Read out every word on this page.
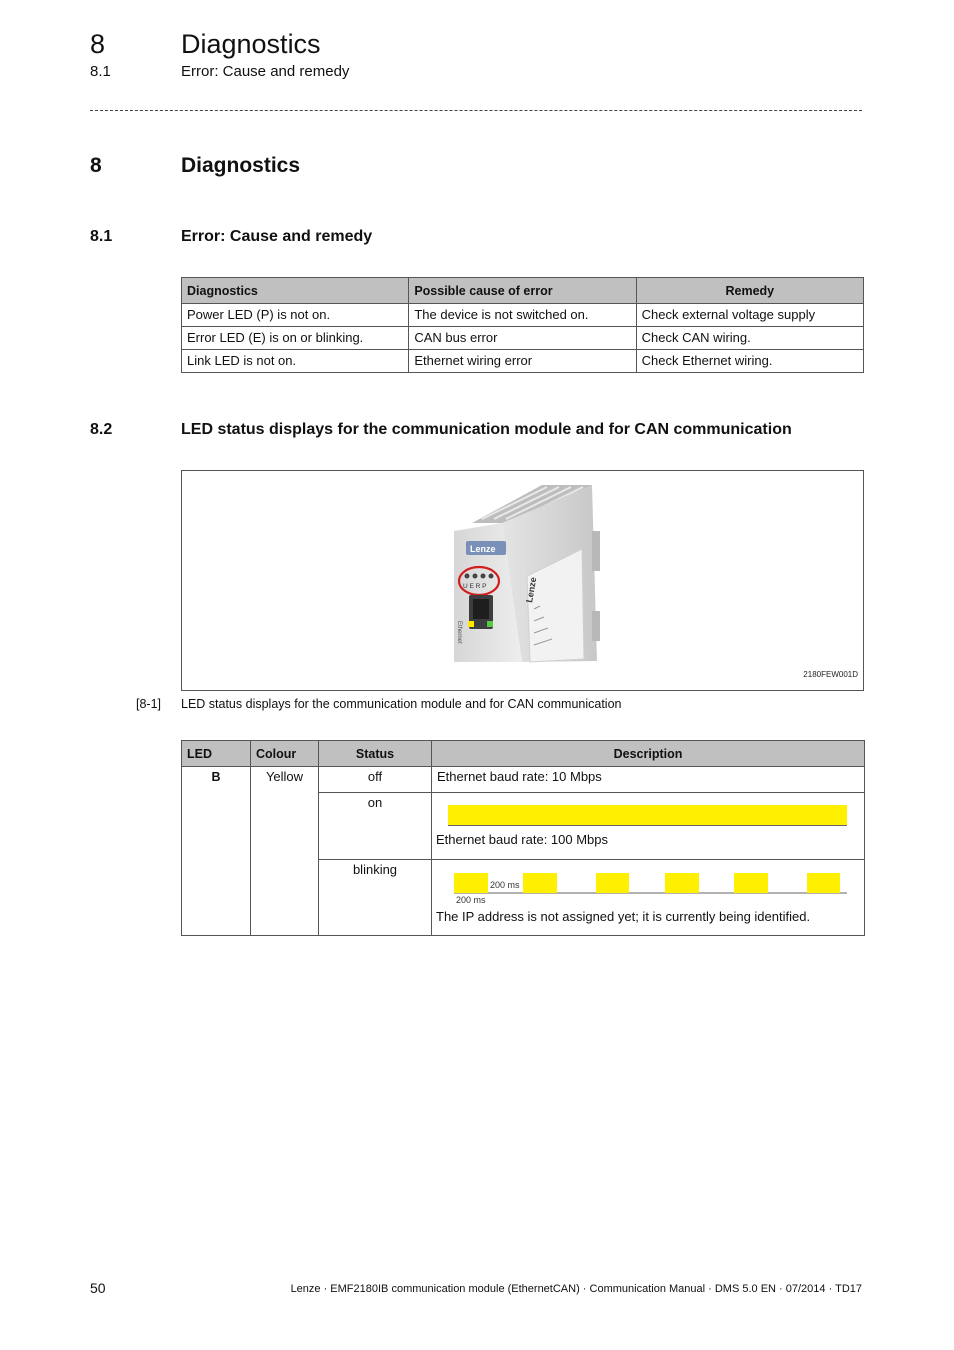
8	Diagnostics
8.1	Error: Cause and remedy
8	Diagnostics
8.1	Error: Cause and remedy
Diagnostics	Possible cause of error	Remedy
Power LED (P) is not on.	The device is not switched on.	Check external voltage supply
Error LED (E) is on or blinking.	CAN bus error	Check CAN wiring.
Link LED is not on.	Ethernet wiring error	Check Ethernet wiring.
8.2	LED status displays for the communication module and for CAN communication
Lenze
Lenze
U E R P
Ethernet
2180FEW001D
[8-1] LED status displays for the communication module and for CAN communication
LED	Colour	Status	Description
B	Yellow	off	Ethernet baud rate: 10 Mbps
		on	Ethernet baud rate: 100 Mbps

		blinking	200 ms
200 ms
The IP address is not assigned yet; it is currently being identified.
50	Lenze · EMF2180IB communication module (EthernetCAN) · Communication Manual · DMS 5.0 EN · 07/2014 · TD17
